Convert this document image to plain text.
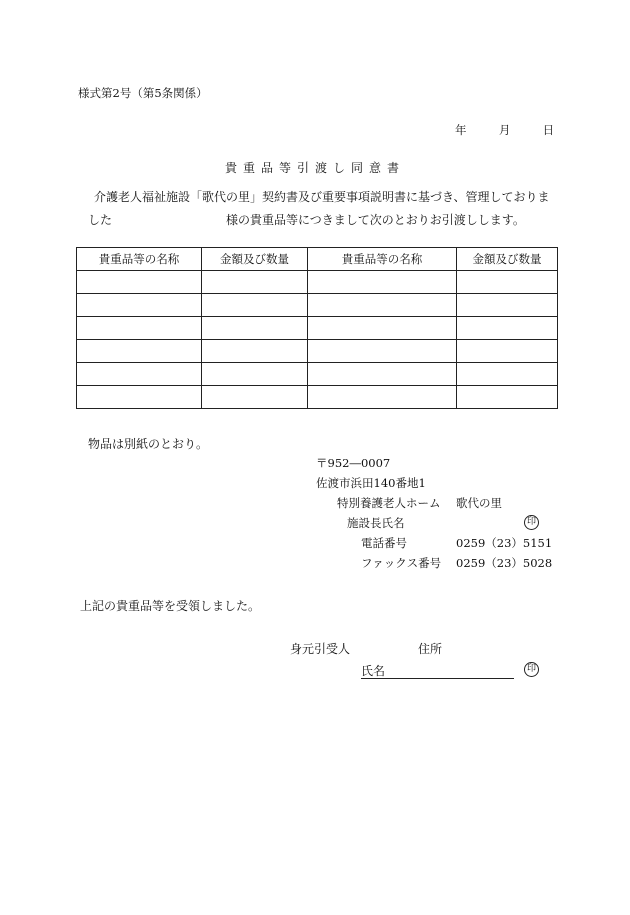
様式第2号（第5条関係）
年	月	日
貴重品等引渡し同意書
介護老人福祉施設「歌代の里」契約書及び重要事項説明書に基づき、管理しておりま
した	様の貴重品等につきまして次のとおりお引渡しします。
貴重品等の名称	金額及び数量	貴重品等の名称	金額及び数量

物品は別紙のとおり。
〒952―0007
佐渡市浜田140番地1
特別養護老人ホーム 歌代の里
施設長氏名	印
電話番号	0259（23）5151
ファックス番号 0259（23）5028
上記の貴重品等を受領しました。
身元引受人	住所
氏名	印
